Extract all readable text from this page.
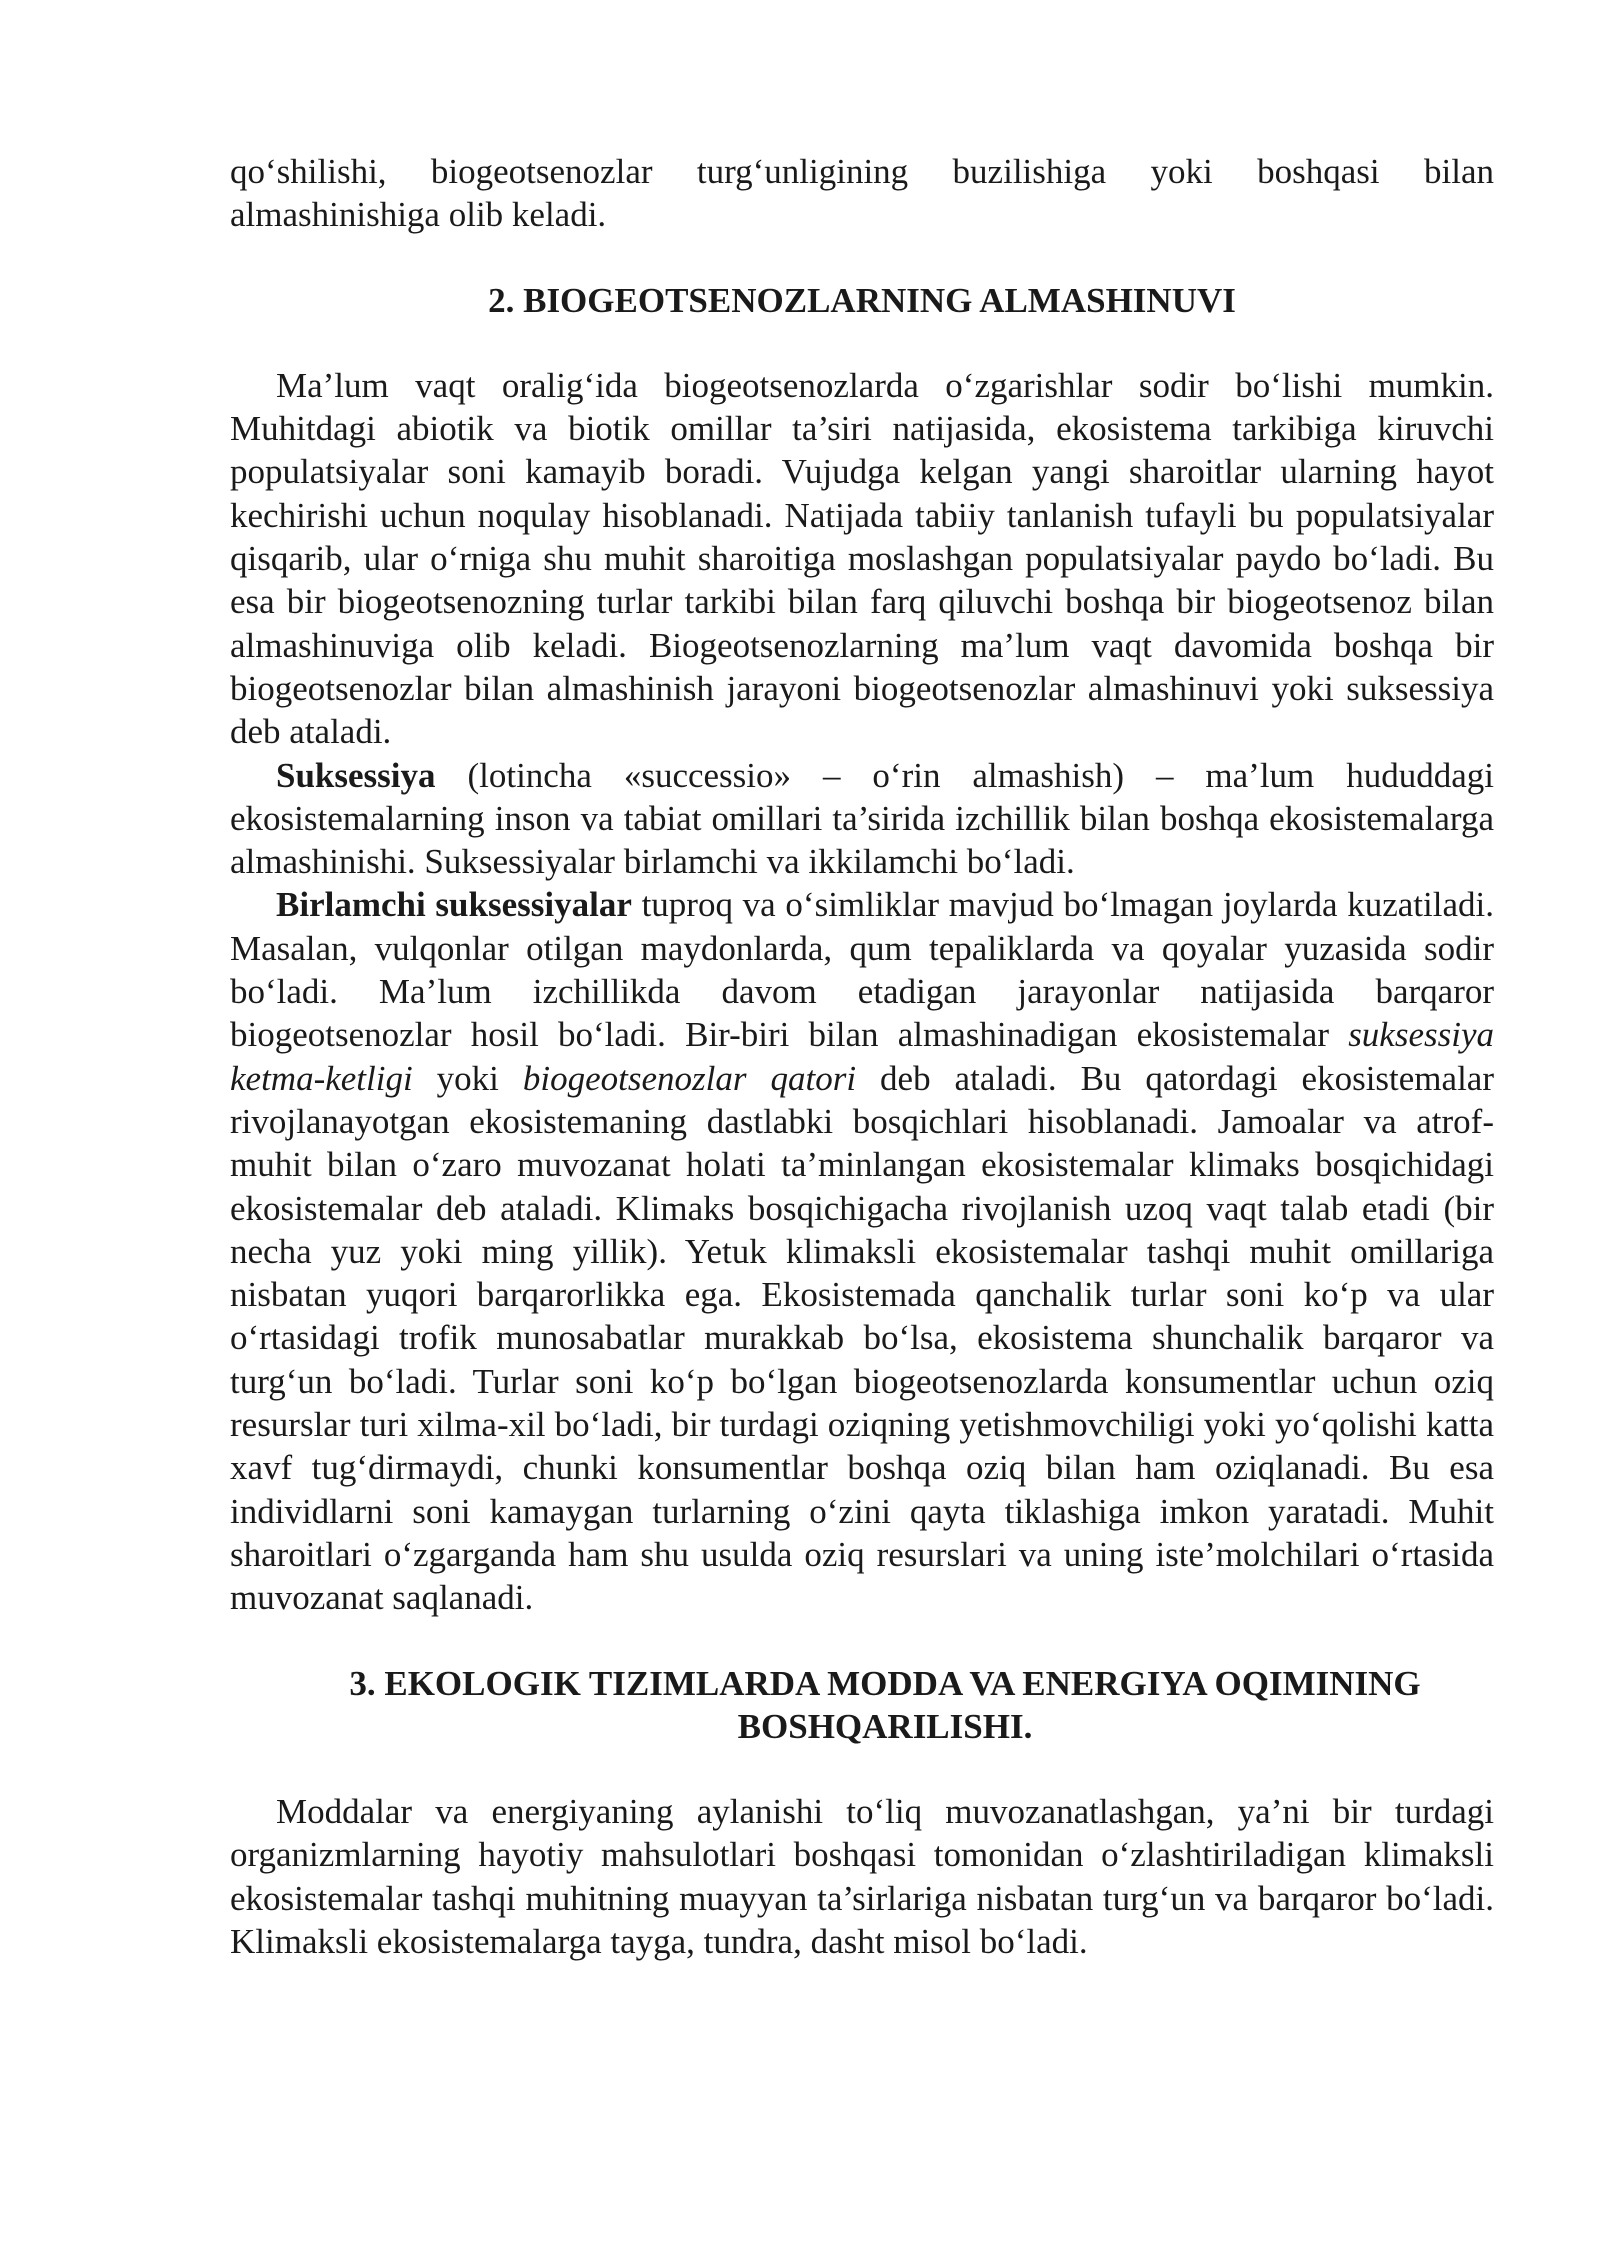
qo‘shilishi, biogeotsenozlar turg‘unligining buzilishiga yoki boshqasi bilan almashinishiga olib keladi.

2. BIOGEOTSENOZLARNING ALMASHINUVI

Ma’lum vaqt oralig‘ida biogeotsenozlarda o‘zgarishlar sodir bo‘lishi mumkin. Muhitdagi abiotik va biotik omillar ta’siri natijasida, ekosistema tarkibiga kiruvchi populatsiyalar soni kamayib boradi. Vujudga kelgan yangi sharoitlar ularning hayot kechirishi uchun noqulay hisoblanadi. Natijada tabiiy tanlanish tufayli bu populatsiyalar qisqarib, ular o‘rniga shu muhit sharoitiga moslashgan populatsiyalar paydo bo‘ladi. Bu esa bir biogeotsenozning turlar tarkibi bilan farq qiluvchi boshqa bir biogeotsenoz bilan almashinuviga olib keladi. Biogeotsenozlarning ma’lum vaqt davomida boshqa bir biogeotsenozlar bilan almashinish jarayoni biogeotsenozlar almashinuvi yoki suksessiya deb ataladi.

Suksessiya (lotincha «successio» – o‘rin almashish) – ma’lum hududdagi ekosistemalarning inson va tabiat omillari ta’sirida izchillik bilan boshqa ekosistemalarga almashinishi. Suksessiyalar birlamchi va ikkilamchi bo‘ladi.

Birlamchi suksessiyalar tuproq va o‘simliklar mavjud bo‘lmagan joylarda kuzatiladi. Masalan, vulqonlar otilgan maydonlarda, qum tepaliklarda va qoyalar yuzasida sodir bo‘ladi. Ma’lum izchillikda davom etadigan jarayonlar natijasida barqaror biogeotsenozlar hosil bo‘ladi. Bir-biri bilan almashinadigan ekosistemalar suksessiya ketma-ketligi yoki biogeotsenozlar qatori deb ataladi. Bu qatordagi ekosistemalar rivojlanayotgan ekosistemaning dastlabki bosqichlari hisoblanadi. Jamoalar va atrof-muhit bilan o‘zaro muvozanat holati ta’minlangan ekosistemalar klimaks bosqichidagi ekosistemalar deb ataladi. Klimaks bosqichigacha rivojlanish uzoq vaqt talab etadi (bir necha yuz yoki ming yillik). Yetuk klimaksli ekosistemalar tashqi muhit omillariga nisbatan yuqori barqarorlikka ega. Ekosistemada qanchalik turlar soni ko‘p va ular o‘rtasidagi trofik munosabatlar murakkab bo‘lsa, ekosistema shunchalik barqaror va turg‘un bo‘ladi. Turlar soni ko‘p bo‘lgan biogeotsenozlarda konsumentlar uchun oziq resurslar turi xilma-xil bo‘ladi, bir turdagi oziqning yetishmovchiligi yoki yo‘qolishi katta xavf tug‘dirmaydi, chunki konsumentlar boshqa oziq bilan ham oziqlanadi. Bu esa individlarni soni kamaygan turlarning o‘zini qayta tiklashiga imkon yaratadi. Muhit sharoitlari o‘zgarganda ham shu usulda oziq resurslari va uning iste’molchilari o‘rtasida muvozanat saqlanadi.

3. EKOLOGIK TIZIMLARDA MODDA VA ENERGIYA OQIMINING
BOSHQARILISHI.

Moddalar va energiyaning aylanishi to‘liq muvozanatlashgan, ya’ni bir turdagi organizmlarning hayotiy mahsulotlari boshqasi tomonidan o‘zlashtiriladigan klimaksli ekosistemalar tashqi muhitning muayyan ta’sirlariga nisbatan turg‘un va barqaror bo‘ladi. Klimaksli ekosistemalarga tayga, tundra, dasht misol bo‘ladi.
